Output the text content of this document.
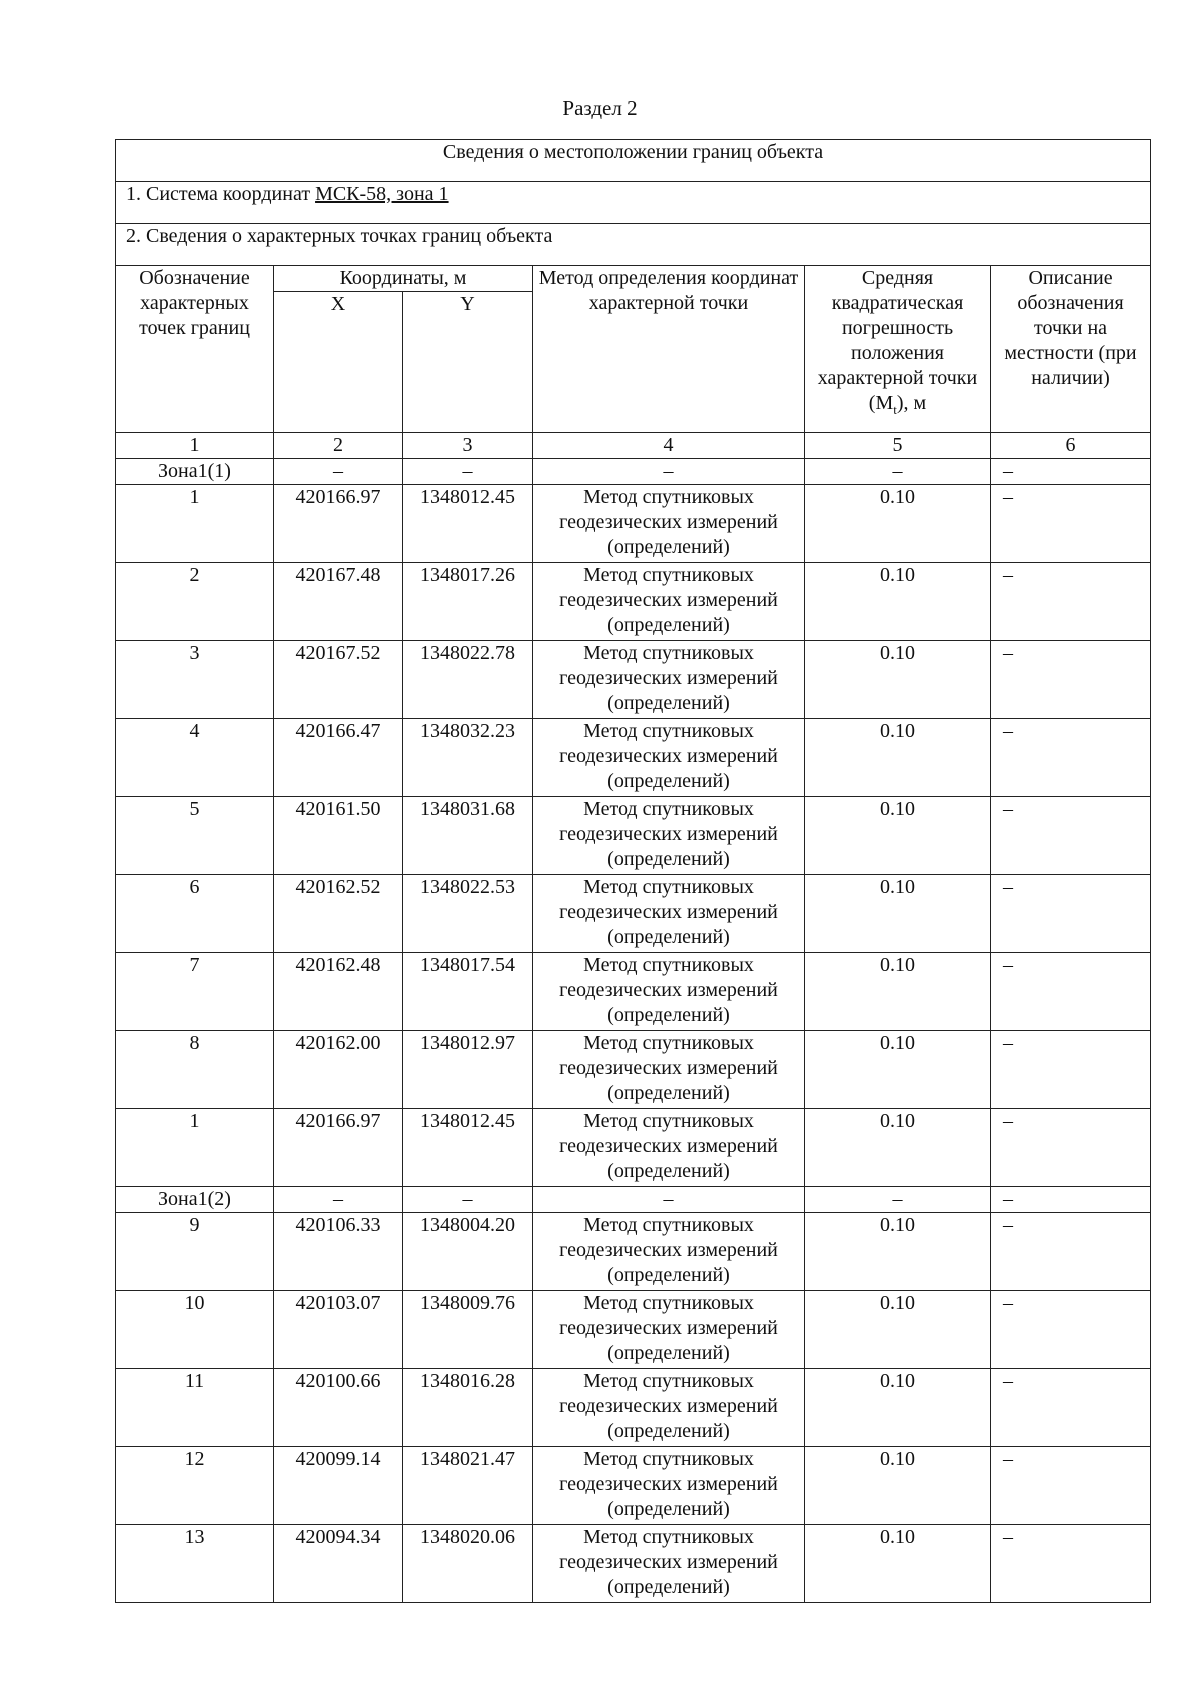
Раздел 2
Сведения о местоположении границ объекта					
1. Система координат МСК-58, зона 1					
2. Сведения о характерных точках границ объекта					
Обозначение характерных точек границ	Координаты, м		Метод определения координат характерной точки	Средняя квадратическая погрешность положения характерной точки $(M_t)$, м	Описание обозначения точки на местности (при наличии)
	X	Y			
1	2	3	4	5	6
Зона1(1)	–	–	–	–	–
1	420166.97	1348012.45	Метод спутниковых геодезических измерений (определений)	0.10	–
2	420167.48	1348017.26	Метод спутниковых геодезических измерений (определений)	0.10	–
3	420167.52	1348022.78	Метод спутниковых геодезических измерений (определений)	0.10	–
4	420166.47	1348032.23	Метод спутниковых геодезических измерений (определений)	0.10	–
5	420161.50	1348031.68	Метод спутниковых геодезических измерений (определений)	0.10	–
6	420162.52	1348022.53	Метод спутниковых геодезических измерений (определений)	0.10	–
7	420162.48	1348017.54	Метод спутниковых геодезических измерений (определений)	0.10	–
8	420162.00	1348012.97	Метод спутниковых геодезических измерений (определений)	0.10	–
1	420166.97	1348012.45	Метод спутниковых геодезических измерений (определений)	0.10	–
Зона1(2)	–	–	–	–	–
9	420106.33	1348004.20	Метод спутниковых геодезических измерений (определений)	0.10	–
10	420103.07	1348009.76	Метод спутниковых геодезических измерений (определений)	0.10	–
11	420100.66	1348016.28	Метод спутниковых геодезических измерений (определений)	0.10	–
12	420099.14	1348021.47	Метод спутниковых геодезических измерений (определений)	0.10	–
13	420094.34	1348020.06	Метод спутниковых геодезических измерений (определений)	0.10	–
